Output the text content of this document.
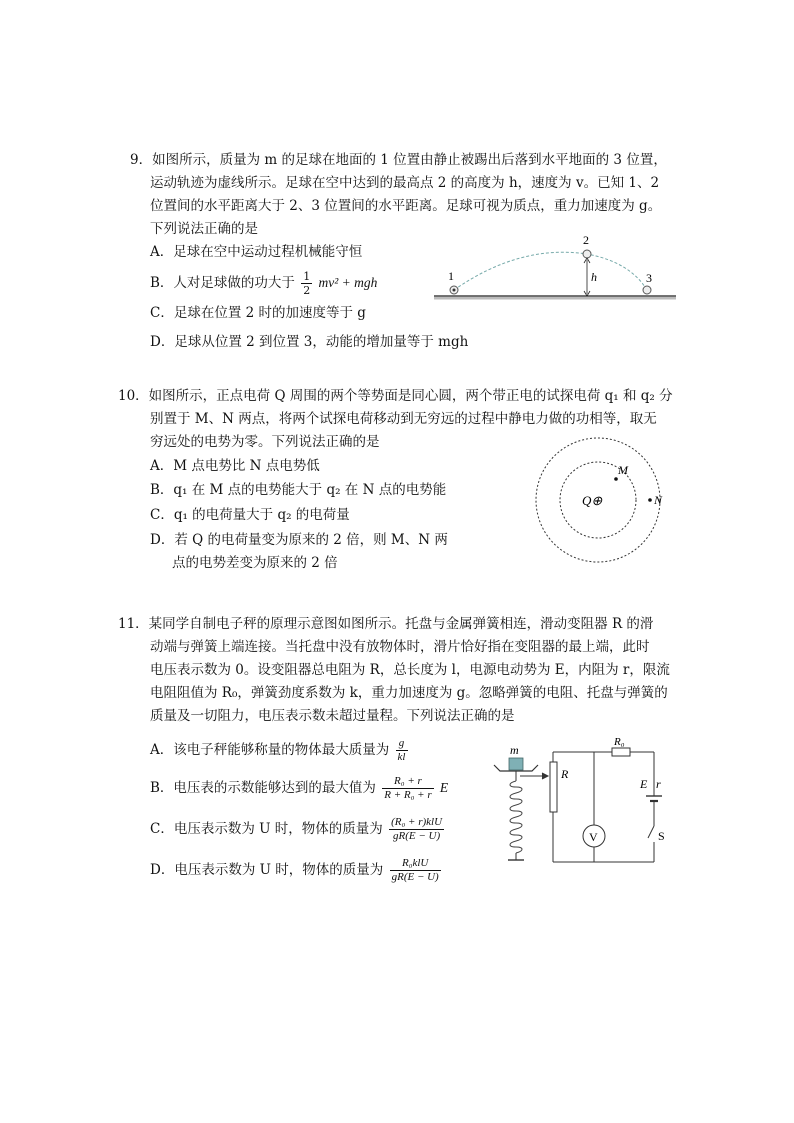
9．如图所示，质量为 m 的足球在地面的 1 位置由静止被踢出后落到水平地面的 3 位置，
运动轨迹为虚线所示。足球在空中达到的最高点 2 的高度为 h，速度为 v。已知 1、2
位置间的水平距离大于 2、3 位置间的水平距离。足球可视为质点，重力加速度为 g。
下列说法正确的是
A．足球在空中运动过程机械能守恒
B．人对足球做的功大于 $\frac{1}{2} mv^2$ + mgh
C．足球在位置 2 时的加速度等于 g
D．足球从位置 2 到位置 3，动能的增加量等于 mgh
1
2
3
h
10．如图所示，正点电荷 Q 周围的两个等势面是同心圆，两个带正电的试探电荷 q₁ 和 q₂ 分
别置于 M、N 两点，将两个试探电荷移动到无穷远的过程中静电力做的功相等，取无
穷远处的电势为零。下列说法正确的是
A．M 点电势比 N 点电势低
B．q₁ 在 M 点的电势能大于 q₂ 在 N 点的电势能
C．q₁ 的电荷量大于 q₂ 的电荷量
D．若 Q 的电荷量变为原来的 2 倍，则 M、N 两
点的电势差变为原来的 2 倍
M
N
Q⊕
11．某同学自制电子秤的原理示意图如图所示。托盘与金属弹簧相连，滑动变阻器 R 的滑
动端与弹簧上端连接。当托盘中没有放物体时，滑片恰好指在变阻器的最上端，此时
电压表示数为 0。设变阻器总电阻为 R，总长度为 l，电源电动势为 E，内阻为 r，限流
电阻阻值为 R₀，弹簧劲度系数为 k，重力加速度为 g。忽略弹簧的电阻、托盘与弹簧的
质量及一切阻力，电压表示数未超过量程。下列说法正确的是
A．该电子秤能够称量的物体最大质量为 $\frac{g}{kl}$
B．电压表的示数能够达到的最大值为 $\frac{\text{R₀ + r}}{\text{R + R₀ + r}}$ E
C．电压表示数为 U 时，物体的质量为 $\frac{\text{(R₀ + r)klU}}{gR(E - U)}$
D．电压表示数为 U 时，物体的质量为 $\frac{\text{R₀klU}}{gR(E - U)}$
m
R
R₀
V
E r
S
